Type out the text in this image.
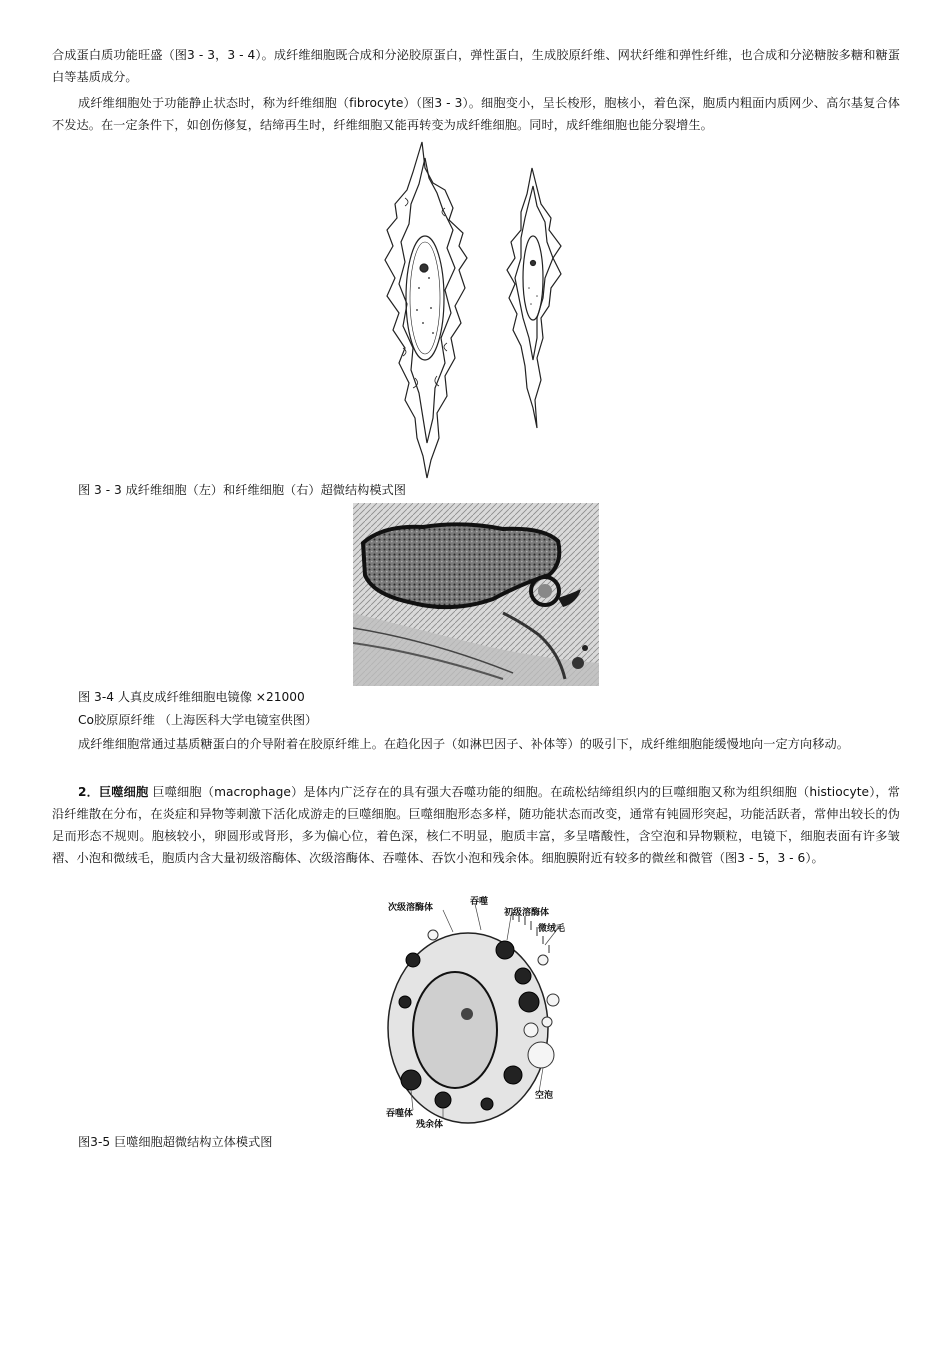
合成蛋白质功能旺盛（图3 - 3，3 - 4）。成纤维细胞既合成和分泌胶原蛋白，弹性蛋白，生成胶原纤维、网状纤维和弹性纤维，也合成和分泌糖胺多糖和糖蛋白等基质成分。

成纤维细胞处于功能静止状态时，称为纤维细胞（fibrocyte）（图3 - 3）。细胞变小，呈长梭形，胞核小，着色深，胞质内粗面内质网少、高尔基复合体不发达。在一定条件下，如创伤修复，结缔再生时，纤维细胞又能再转变为成纤维细胞。同时，成纤维细胞也能分裂增生。

图 3 - 3 成纤维细胞（左）和纤维细胞（右）超微结构模式图

图 3-4 人真皮成纤维细胞电镜像 ×21000

Co胶原原纤维 （上海医科大学电镜室供图）

成纤维细胞常通过基质糖蛋白的介导附着在胶原纤维上。在趋化因子（如淋巴因子、补体等）的吸引下，成纤维细胞能缓慢地向一定方向移动。

2．巨噬细胞 巨噬细胞（macrophage）是体内广泛存在的具有强大吞噬功能的细胞。在疏松结缔组织内的巨噬细胞又称为组织细胞（histiocyte），常沿纤维散在分布，在炎症和异物等刺激下活化成游走的巨噬细胞。巨噬细胞形态多样，随功能状态而改变，通常有钝圆形突起，功能活跃者，常伸出较长的伪足而形态不规则。胞核较小，卵圆形或肾形，多为偏心位，着色深，核仁不明显，胞质丰富，多呈嗜酸性，含空泡和异物颗粒，电镜下，细胞表面有许多皱褶、小泡和微绒毛，胞质内含大量初级溶酶体、次级溶酶体、吞噬体、吞饮小泡和残余体。细胞膜附近有较多的微丝和微管（图3 - 5，3 - 6）。

次级溶酶体
吞噬
初级溶酶体
微绒毛
空泡
吞噬体
残余体

图3-5 巨噬细胞超微结构立体模式图
